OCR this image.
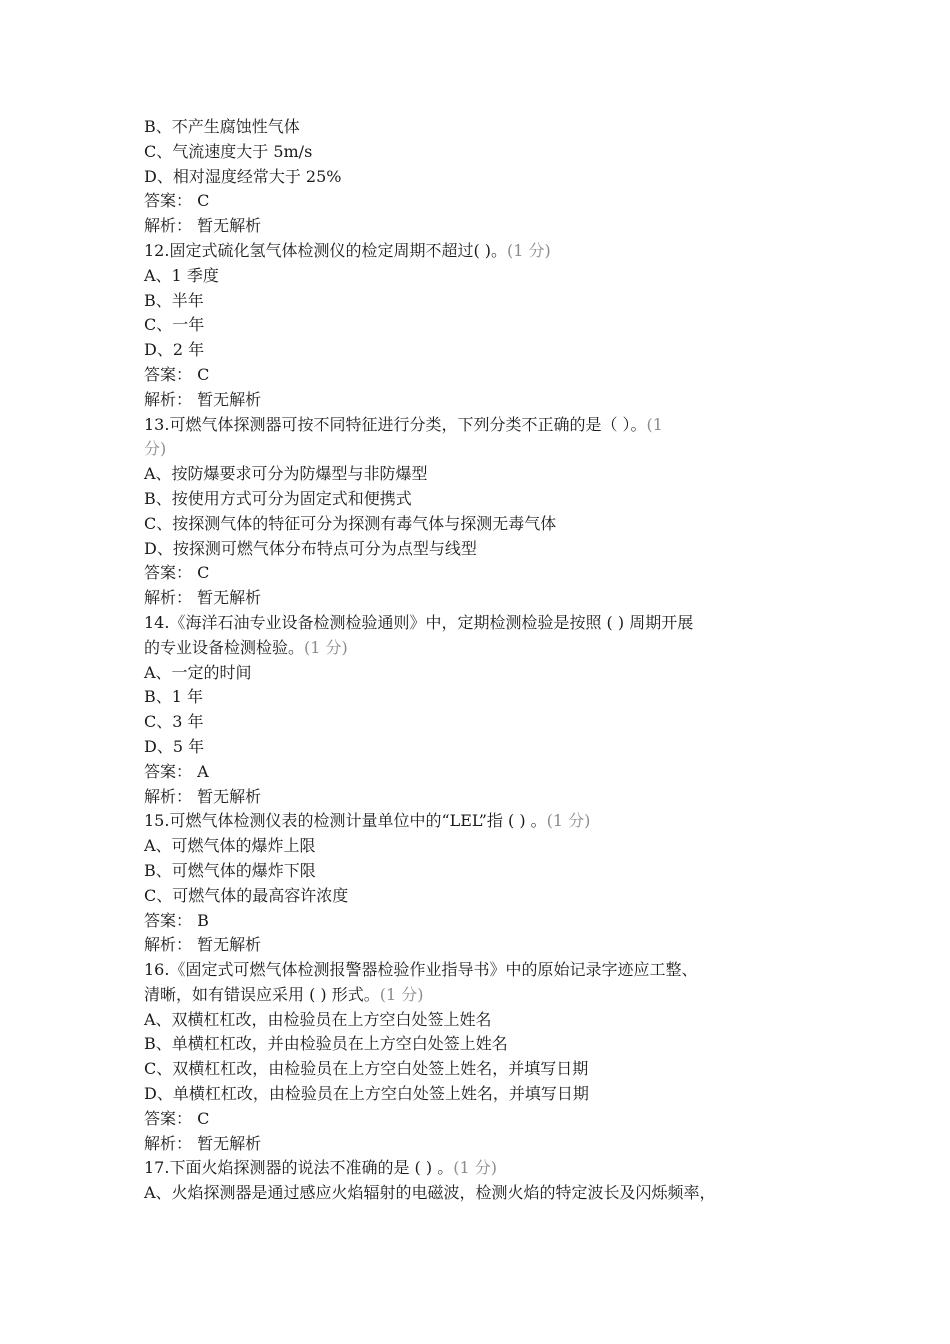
B、不产生腐蚀性气体
C、气流速度大于 5m/s
D、相对湿度经常大于 25%
答案： C
解析： 暂无解析
12.固定式硫化氢气体检测仪的检定周期不超过( )。(1 分)
A、1 季度
B、半年
C、一年
D、2 年
答案： C
解析： 暂无解析
13.可燃气体探测器可按不同特征进行分类，下列分类不正确的是（ ）。(1
分)
A、按防爆要求可分为防爆型与非防爆型
B、按使用方式可分为固定式和便携式
C、按探测气体的特征可分为探测有毒气体与探测无毒气体
D、按探测可燃气体分布特点可分为点型与线型
答案： C
解析： 暂无解析
14.《海洋石油专业设备检测检验通则》中，定期检测检验是按照 ( ) 周期开展
的专业设备检测检验。(1 分)
A、一定的时间
B、1 年
C、3 年
D、5 年
答案： A
解析： 暂无解析
15.可燃气体检测仪表的检测计量单位中的“LEL”指 ( ) 。(1 分)
A、可燃气体的爆炸上限
B、可燃气体的爆炸下限
C、可燃气体的最高容许浓度
答案： B
解析： 暂无解析
16.《固定式可燃气体检测报警器检验作业指导书》中的原始记录字迹应工整、
清晰，如有错误应采用 ( ) 形式。(1 分)
A、双横杠杠改，由检验员在上方空白处签上姓名
B、单横杠杠改，并由检验员在上方空白处签上姓名
C、双横杠杠改，由检验员在上方空白处签上姓名，并填写日期
D、单横杠杠改，由检验员在上方空白处签上姓名，并填写日期
答案： C
解析： 暂无解析
17.下面火焰探测器的说法不准确的是 ( ) 。(1 分)
A、火焰探测器是通过感应火焰辐射的电磁波，检测火焰的特定波长及闪烁频率，
